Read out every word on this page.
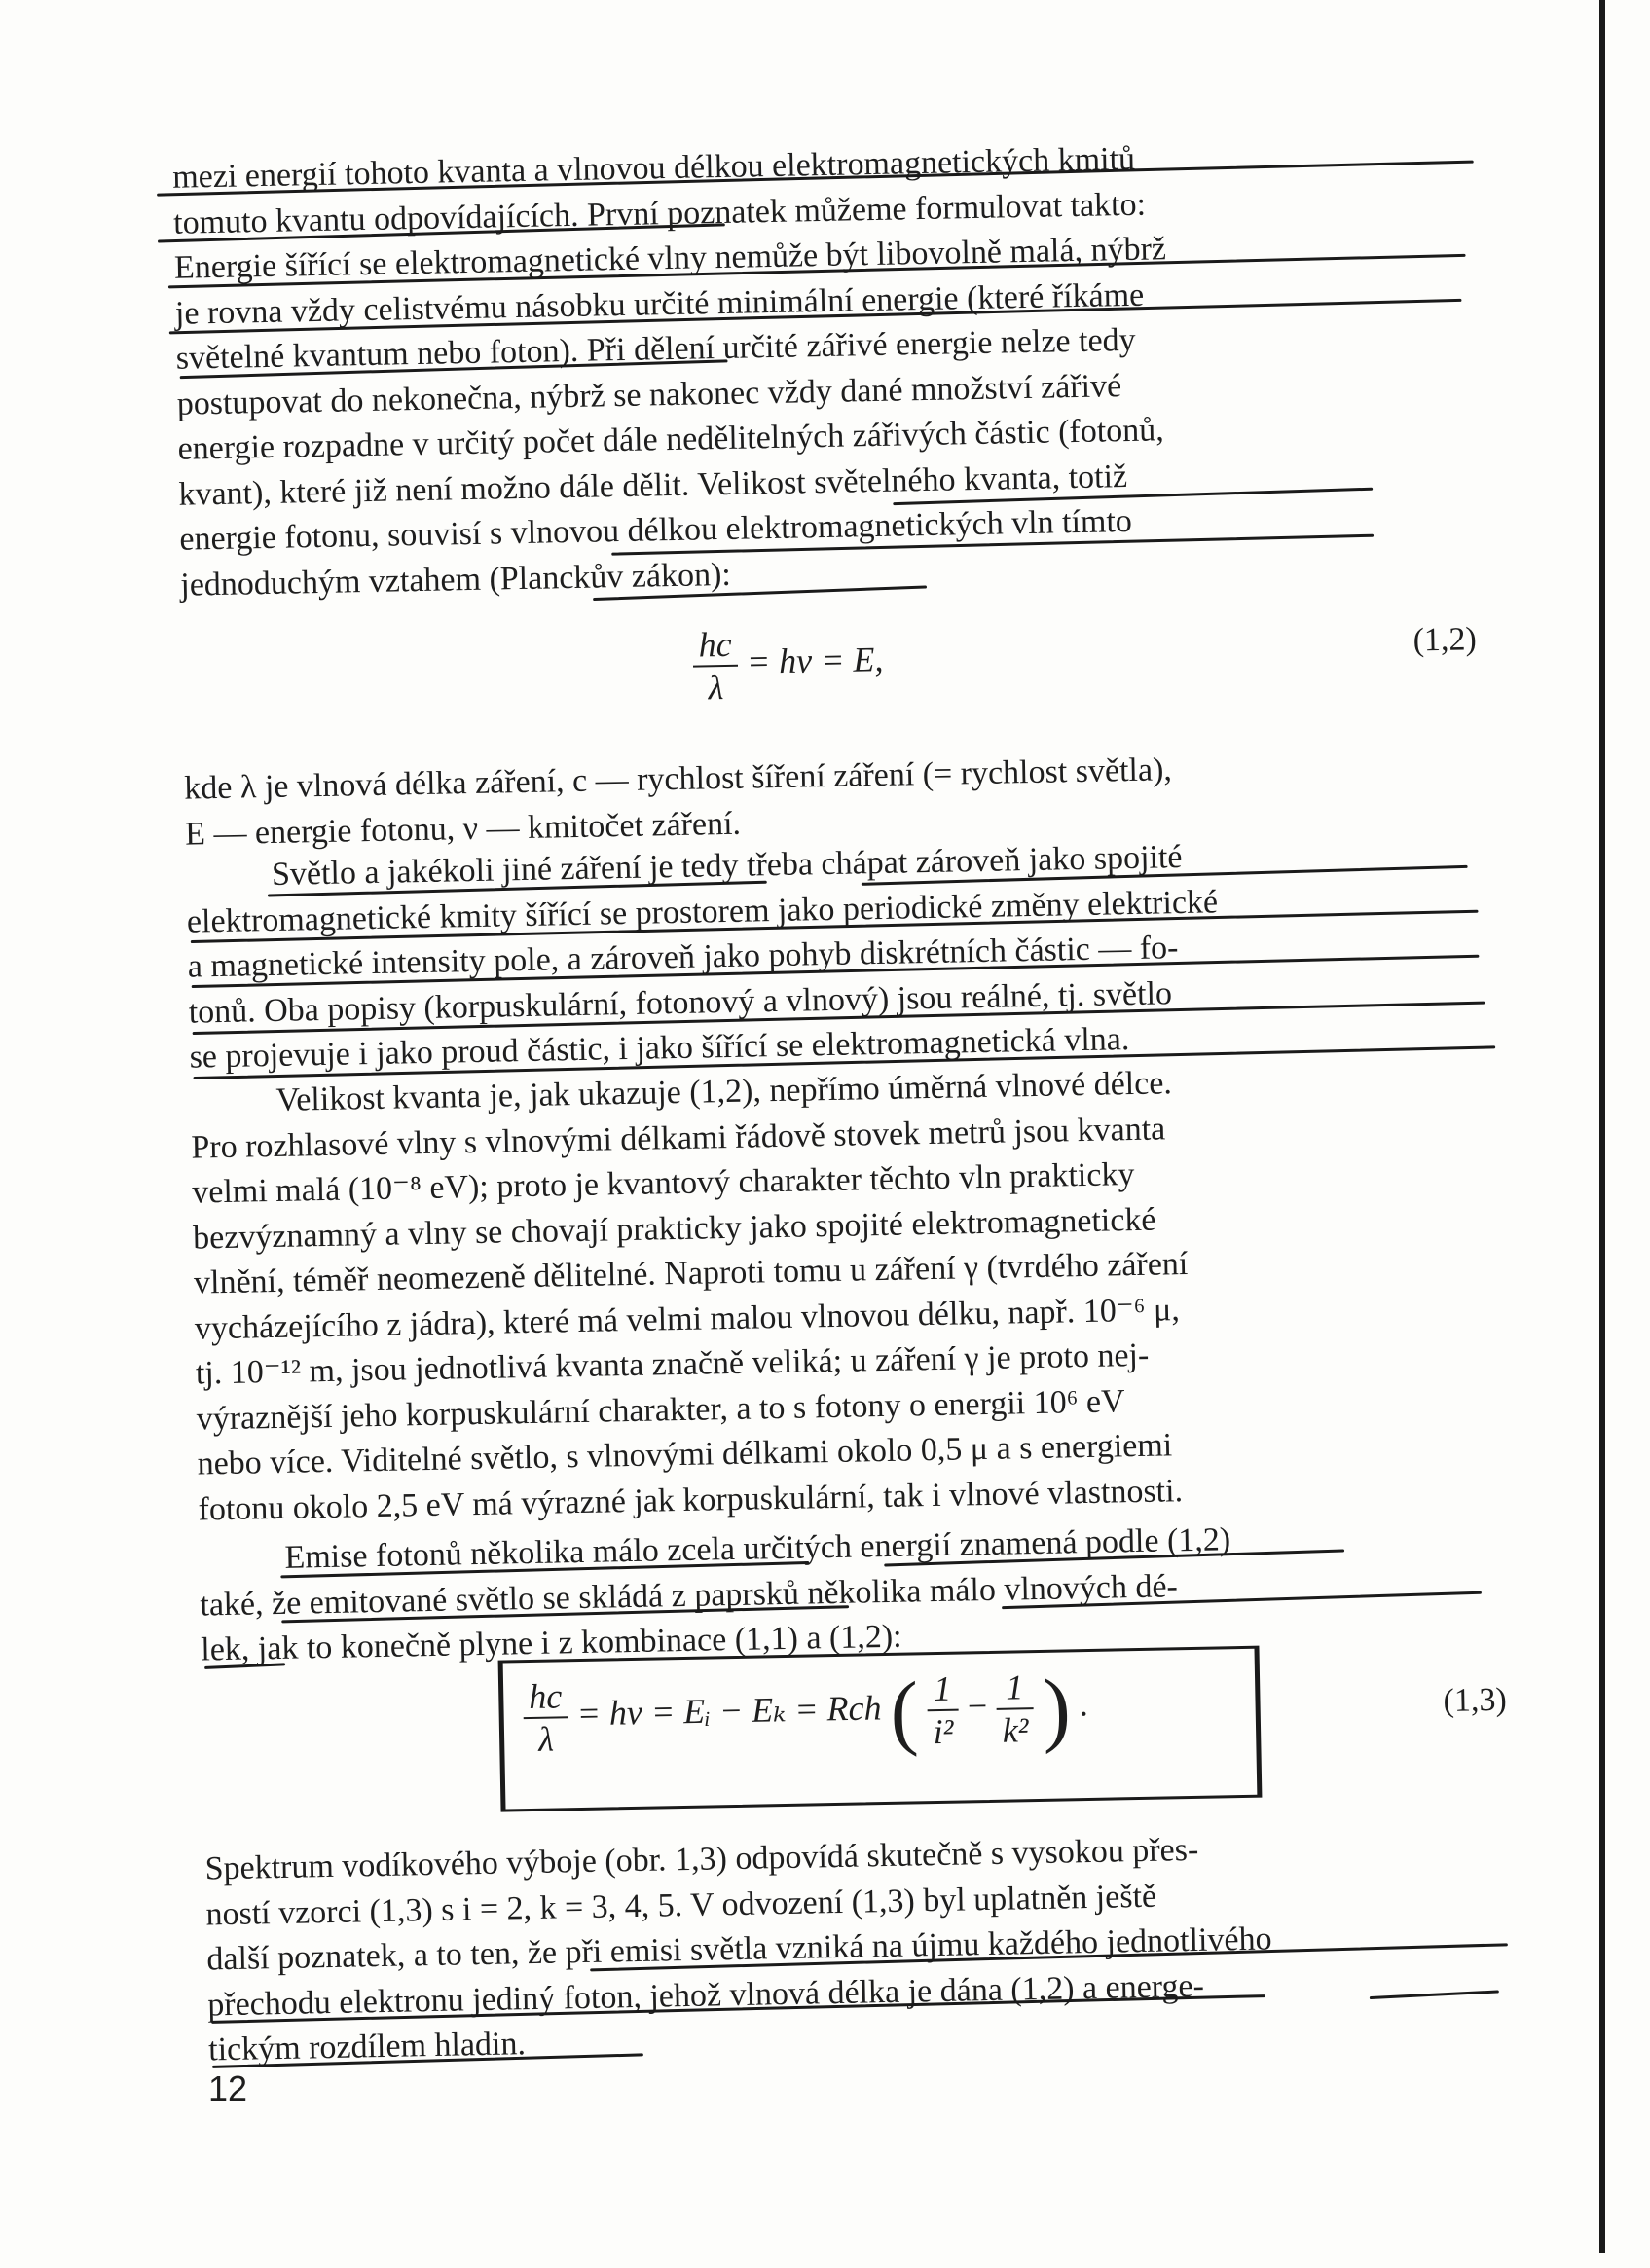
mezi energií tohoto kvanta a vlnovou délkou elektromagnetických kmitů
tomuto kvantu odpovídajících. První poznatek můžeme formulovat takto:
Energie šířící se elektromagnetické vlny nemůže být libovolně malá, nýbrž
je rovna vždy celistvému násobku určité minimální energie (které říkáme
světelné kvantum nebo foton). Při dělení určité zářivé energie nelze tedy
postupovat do nekonečna, nýbrž se nakonec vždy dané množství zářivé
energie rozpadne v určitý počet dále nedělitelných zářivých částic (fotonů,
kvant), které již není možno dále dělit. Velikost světelného kvanta, totiž
energie fotonu, souvisí s vlnovou délkou elektromagnetických vln tímto
jednoduchým vztahem (Planckův zákon):
$\frac{hc}{\lambda} = h\nu = E$,	(1,2)
kde λ je vlnová délka záření, c — rychlost šíření záření (= rychlost světla),
E — energie fotonu, ν — kmitočet záření.
Světlo a jakékoli jiné záření je tedy třeba chápat zároveň jako spojité
elektromagnetické kmity šířící se prostorem jako periodické změny elektrické
a magnetické intensity pole, a zároveň jako pohyb diskrétních částic — fo-
tonů. Oba popisy (korpuskulární, fotonový a vlnový) jsou reálné, tj. světlo
se projevuje i jako proud částic, i jako šířící se elektromagnetická vlna.
Velikost kvanta je, jak ukazuje (1,2), nepřímo úměrná vlnové délce.
Pro rozhlasové vlny s vlnovými délkami řádově stovek metrů jsou kvanta
velmi malá (10⁻⁸ eV); proto je kvantový charakter těchto vln prakticky
bezvýznamný a vlny se chovají prakticky jako spojité elektromagnetické
vlnění, téměř neomezeně dělitelné. Naproti tomu u záření γ (tvrdého záření
vycházejícího z jádra), které má velmi malou vlnovou délku, např. 10⁻⁶ μ,
tj. 10⁻¹² m, jsou jednotlivá kvanta značně veliká; u záření γ je proto nej-
výraznější jeho korpuskulární charakter, a to s fotony o energii 10⁶ eV
nebo více. Viditelné světlo, s vlnovými délkami okolo 0,5 μ a s energiemi
fotonu okolo 2,5 eV má výrazné jak korpuskulární, tak i vlnové vlastnosti.
Emise fotonů několika málo zcela určitých energií znamená podle (1,2)
také, že emitované světlo se skládá z paprsků několika málo vlnových dé-
lek, jak to konečně plyne i z kombinace (1,1) a (1,2):
$\frac{hc}{\lambda} = h\nu$ = Eᵢ − Eₖ = Rch ( $\frac{1}{\text{i²}}$ −
$\frac{1}{\text{k²}}$ ) .	(1,3)
Spektrum vodíkového výboje (obr. 1,3) odpovídá skutečně s vysokou přes-
ností vzorci (1,3) s i = 2, k = 3, 4, 5. V odvození (1,3) byl uplatněn ještě
další poznatek, a to ten, že při emisi světla vzniká na újmu každého jednotlivého
přechodu elektronu jediný foton, jehož vlnová délka je dána (1,2) a energe-
tickým rozdílem hladin.
12
